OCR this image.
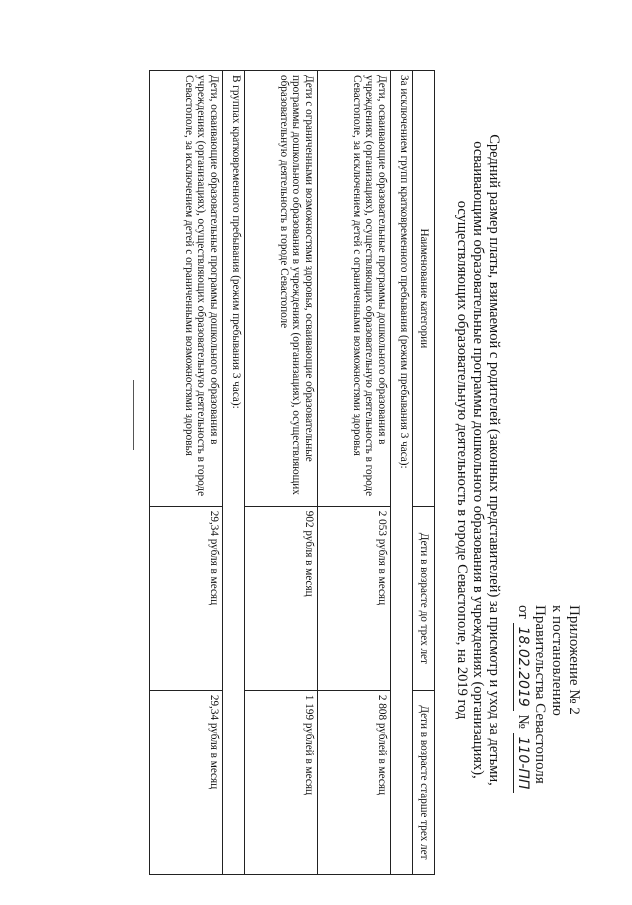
Приложение № 2
к постановлению
Правительства Севастополя
от 18.02.2019 № 110-ПП
Средний размер платы, взимаемой с родителей (законных представителей) за присмотр и уход за детьми,
осваивающими образовательные программы дошкольного образования в учреждениях (организациях),
осуществляющих образовательную деятельность в городе Севастополе, на 2019 год
Наименование категории	Дети в возрасте до трех лет	Дети в возрасте старше трех лет
За исключением групп кратковременного пребывания (режим пребывания 3 часа):		
Дети, осваивающие образовательные программы дошкольного образования в учреждениях (организациях), осуществляющих образовательную деятельность в городе Севастополе, за исключением детей с ограниченными возможностями здоровья	2 053 рубля в месяц	2 808 рублей в месяц
Дети с ограниченными возможностями здоровья, осваивающие образовательные программы дошкольного образования в учреждениях (организациях), осуществляющих образовательную деятельность в городе Севастополе	902 рубля в месяц	1 199 рублей в месяц
В группах кратковременного пребывания (режим пребывания 3 часа):		
Дети, осваивающие образовательные программы дошкольного образования в учреждениях (организациях), осуществляющих образовательную деятельность в городе Севастополе, за исключением детей с ограниченными возможностями здоровья	29,34 рубля в месяц	29,34 рубля в месяц
